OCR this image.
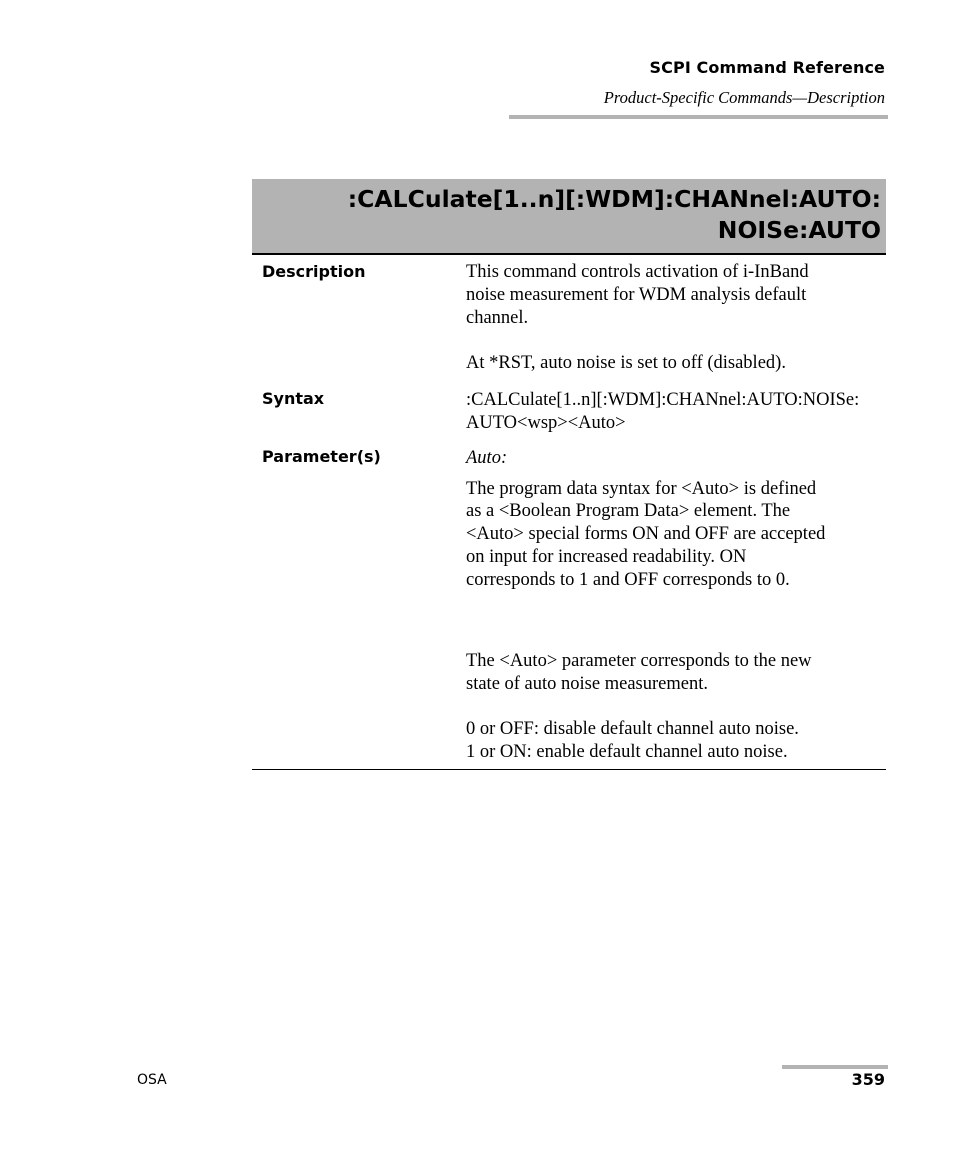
SCPI Command Reference
Product-Specific Commands—Description
:CALCulate[1..n][:WDM]:CHANnel:AUTO:
NOISe:AUTO
Description	This command controls activation of i-InBand
noise measurement for WDM analysis default
channel.
At *RST, auto noise is set to off (disabled).
Syntax	:CALCulate[1..n][:WDM]:CHANnel:AUTO:NOISe:
AUTO<wsp><Auto>
Parameter(s)	Auto:
The program data syntax for <Auto> is defined
as a <Boolean Program Data> element. The
<Auto> special forms ON and OFF are accepted
on input for increased readability. ON
corresponds to 1 and OFF corresponds to 0.
The <Auto> parameter corresponds to the new
state of auto noise measurement.
0 or OFF: disable default channel auto noise.
1 or ON: enable default channel auto noise.
OSA	359
